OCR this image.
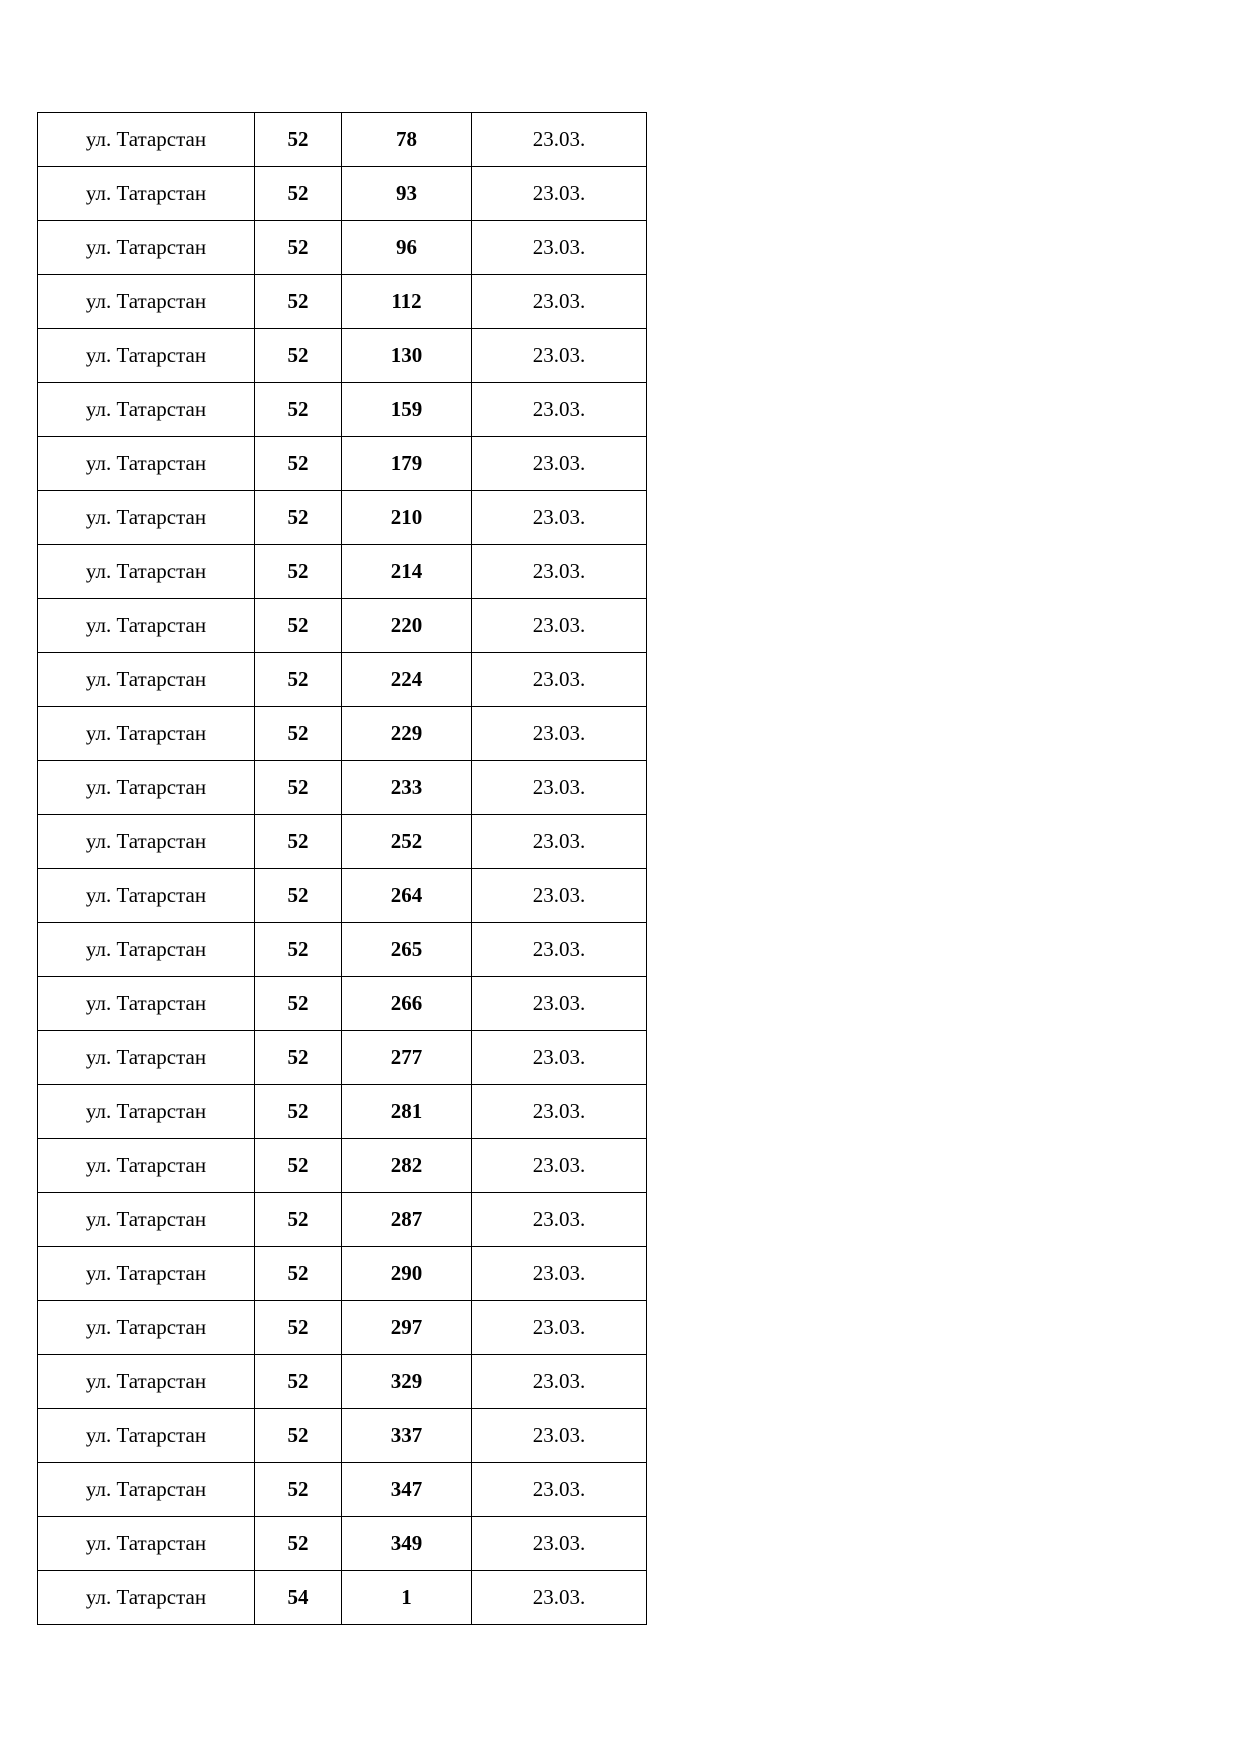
ул. Татарстан	52	78	23.03.
ул. Татарстан	52	93	23.03.
ул. Татарстан	52	96	23.03.
ул. Татарстан	52	112	23.03.
ул. Татарстан	52	130	23.03.
ул. Татарстан	52	159	23.03.
ул. Татарстан	52	179	23.03.
ул. Татарстан	52	210	23.03.
ул. Татарстан	52	214	23.03.
ул. Татарстан	52	220	23.03.
ул. Татарстан	52	224	23.03.
ул. Татарстан	52	229	23.03.
ул. Татарстан	52	233	23.03.
ул. Татарстан	52	252	23.03.
ул. Татарстан	52	264	23.03.
ул. Татарстан	52	265	23.03.
ул. Татарстан	52	266	23.03.
ул. Татарстан	52	277	23.03.
ул. Татарстан	52	281	23.03.
ул. Татарстан	52	282	23.03.
ул. Татарстан	52	287	23.03.
ул. Татарстан	52	290	23.03.
ул. Татарстан	52	297	23.03.
ул. Татарстан	52	329	23.03.
ул. Татарстан	52	337	23.03.
ул. Татарстан	52	347	23.03.
ул. Татарстан	52	349	23.03.
ул. Татарстан	54	1	23.03.
